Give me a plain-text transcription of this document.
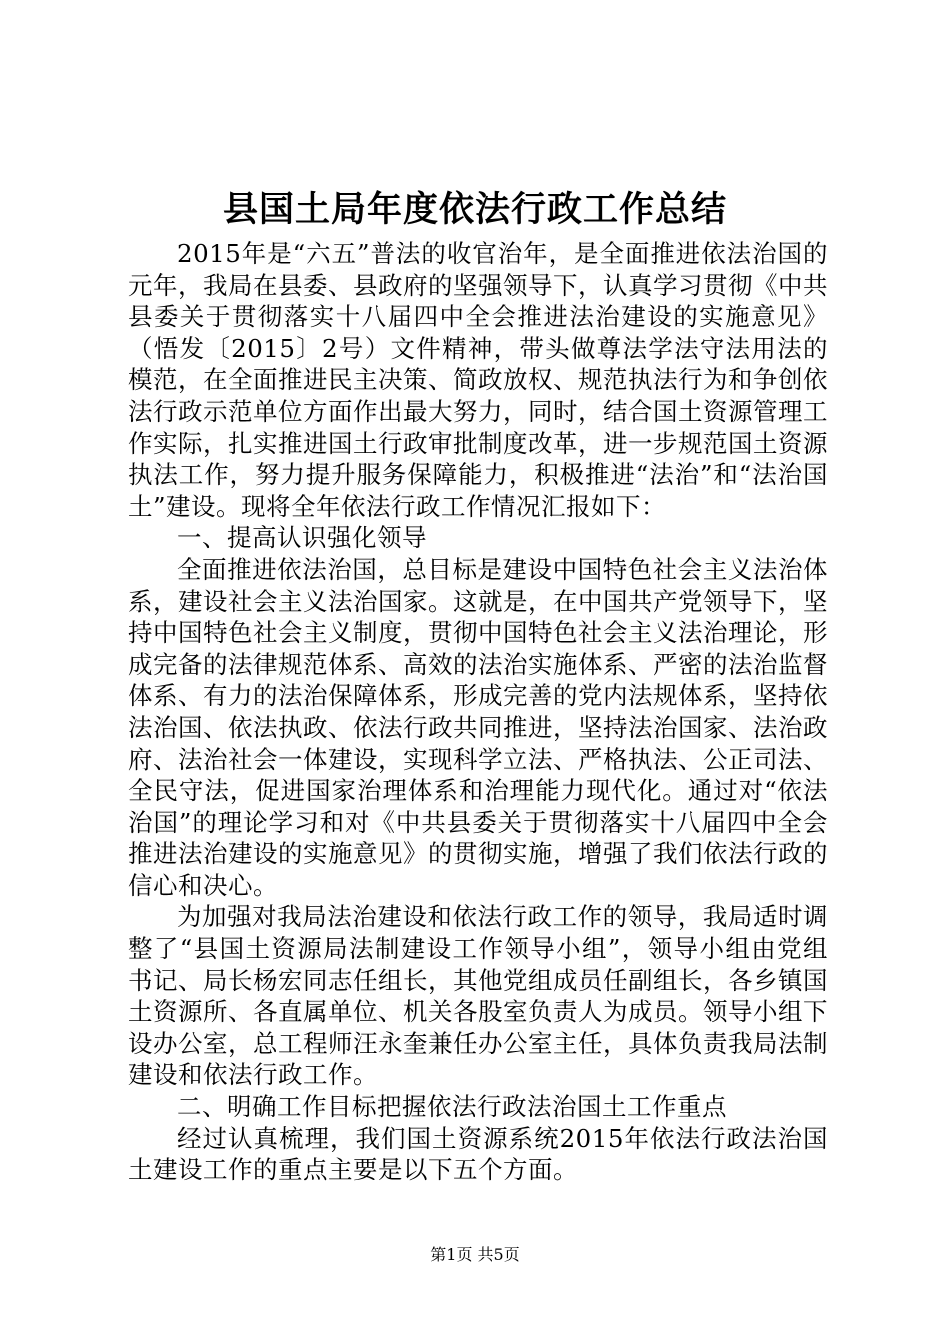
县国土局年度依法行政工作总结

2015年是“六五”普法的收官治年，是全面推进依法治国的元年，我局在县委、县政府的坚强领导下，认真学习贯彻《中共县委关于贯彻落实十八届四中全会推进法治建设的实施意见》（悟发〔2015〕2号）文件精神，带头做尊法学法守法用法的模范，在全面推进民主决策、简政放权、规范执法行为和争创依法行政示范单位方面作出最大努力，同时，结合国土资源管理工作实际，扎实推进国土行政审批制度改革，进一步规范国土资源执法工作，努力提升服务保障能力，积极推进“法治”和“法治国土”建设。现将全年依法行政工作情况汇报如下：

一、提高认识强化领导

全面推进依法治国，总目标是建设中国特色社会主义法治体系，建设社会主义法治国家。这就是，在中国共产党领导下，坚持中国特色社会主义制度，贯彻中国特色社会主义法治理论，形成完备的法律规范体系、高效的法治实施体系、严密的法治监督体系、有力的法治保障体系，形成完善的党内法规体系，坚持依法治国、依法执政、依法行政共同推进，坚持法治国家、法治政府、法治社会一体建设，实现科学立法、严格执法、公正司法、全民守法，促进国家治理体系和治理能力现代化。通过对“依法治国”的理论学习和对《中共县委关于贯彻落实十八届四中全会推进法治建设的实施意见》的贯彻实施，增强了我们依法行政的信心和决心。

为加强对我局法治建设和依法行政工作的领导，我局适时调整了“县国土资源局法制建设工作领导小组”，领导小组由党组书记、局长杨宏同志任组长，其他党组成员任副组长，各乡镇国土资源所、各直属单位、机关各股室负责人为成员。领导小组下设办公室，总工程师汪永奎兼任办公室主任，具体负责我局法制建设和依法行政工作。

二、明确工作目标把握依法行政法治国土工作重点

经过认真梳理，我们国土资源系统2015年依法行政法治国土建设工作的重点主要是以下五个方面。

第1页 共5页
